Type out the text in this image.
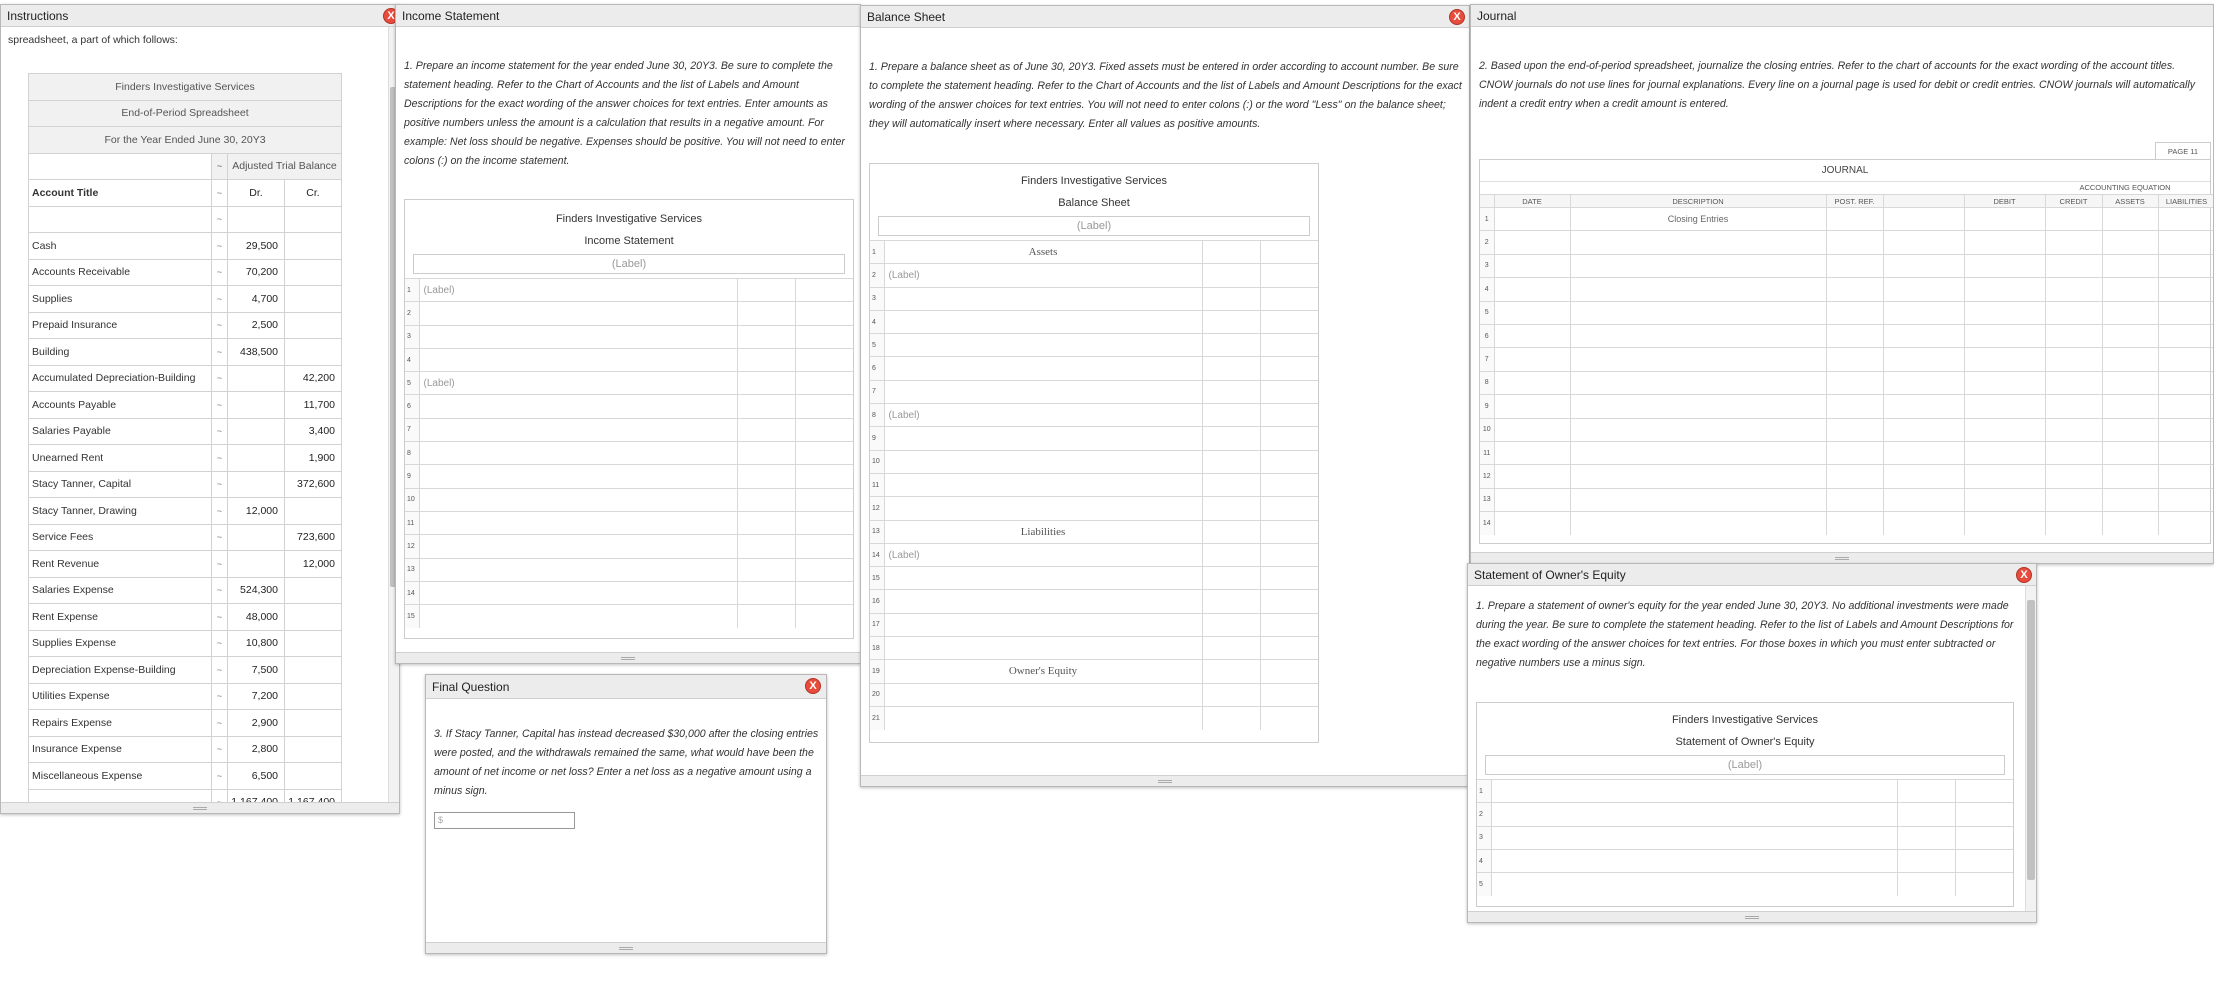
Instructions	X
spreadsheet, a part of which follows:
Finders Investigative Services			
End-of-Period Spreadsheet			
For the Year Ended June 30, 20Y3			
	~	Adjusted Trial Balance	
Account Title	~	Dr.	Cr.
	~		
Cash	~	29,500	
Accounts Receivable	~	70,200	
Supplies	~	4,700	
Prepaid Insurance	~	2,500	
Building	~	438,500	
Accumulated Depreciation-Building	~		42,200
Accounts Payable	~		11,700
Salaries Payable	~		3,400
Unearned Rent	~		1,900
Stacy Tanner, Capital	~		372,600
Stacy Tanner, Drawing	~	12,000	
Service Fees	~		723,600
Rent Revenue	~		12,000
Salaries Expense	~	524,300	
Rent Expense	~	48,000	
Supplies Expense	~	10,800	
Depreciation Expense-Building	~	7,500	
Utilities Expense	~	7,200	
Repairs Expense	~	2,900	
Insurance Expense	~	2,800	
Miscellaneous Expense	~	6,500	

Income Statement
1. Prepare an income statement for the year ended June 30, 20Y3. Be sure to complete the statement heading. Refer to the Chart of Accounts and the list of Labels and Amount Descriptions for the exact wording of the answer choices for text entries. Enter amounts as positive numbers unless the amount is a calculation that results in a negative amount. For example: Net loss should be negative. Expenses should be positive. You will not need to enter colons (:) on the income statement.
Finders Investigative Services
Income Statement
(Label)
1	(Label)		
2			
3			
4			
5	(Label)		
6			
7			
8			
9			
10			
11			
12			
13			
14			
15			
Final Question	X
3. If Stacy Tanner, Capital has instead decreased $30,000 after the closing entries were posted, and the withdrawals remained the same, what would have been the amount of net income or net loss? Enter a net loss as a negative amount using a minus sign.
$
Balance Sheet	X
1. Prepare a balance sheet as of June 30, 20Y3. Fixed assets must be entered in order according to account number. Be sure to complete the statement heading. Refer to the Chart of Accounts and the list of Labels and Amount Descriptions for the exact wording of the answer choices for text entries. You will not need to enter colons (:) or the word "Less" on the balance sheet; they will automatically insert where necessary. Enter all values as positive amounts.
Finders Investigative Services
Balance Sheet
(Label)
1	Assets		
2	(Label)		
3			
4			
5			
6			
7			
8	(Label)		
9			
10			
11			
12			
13	Liabilities		
14	(Label)		
15			
16			
17			
18			
19	Owner's Equity		
20			
21			
Journal
2. Based upon the end-of-period spreadsheet, journalize the closing entries. Refer to the chart of accounts for the exact wording of the account titles. CNOW journals do not use lines for journal explanations. Every line on a journal page is used for debit or credit entries. CNOW journals will automatically indent a credit entry when a credit amount is entered.
PAGE 11
JOURNAL
ACCOUNTING EQUATION
	DATE	DESCRIPTION	POST. REF.		DEBIT	CREDIT	ASSETS	LIABILITIES	
1		Closing Entries							
2									
3									
4									
5									
6									
7									
8									
9									
10									
11									
12									
13									
14									
Statement of Owner's Equity	X
1. Prepare a statement of owner's equity for the year ended June 30, 20Y3. No additional investments were made during the year. Be sure to complete the statement heading. Refer to the list of Labels and Amount Descriptions for the exact wording of the answer choices for text entries. For those boxes in which you must enter subtracted or negative numbers use a minus sign.
Finders Investigative Services
Statement of Owner's Equity
(Label)
1			
2			
3			
4			
5			
